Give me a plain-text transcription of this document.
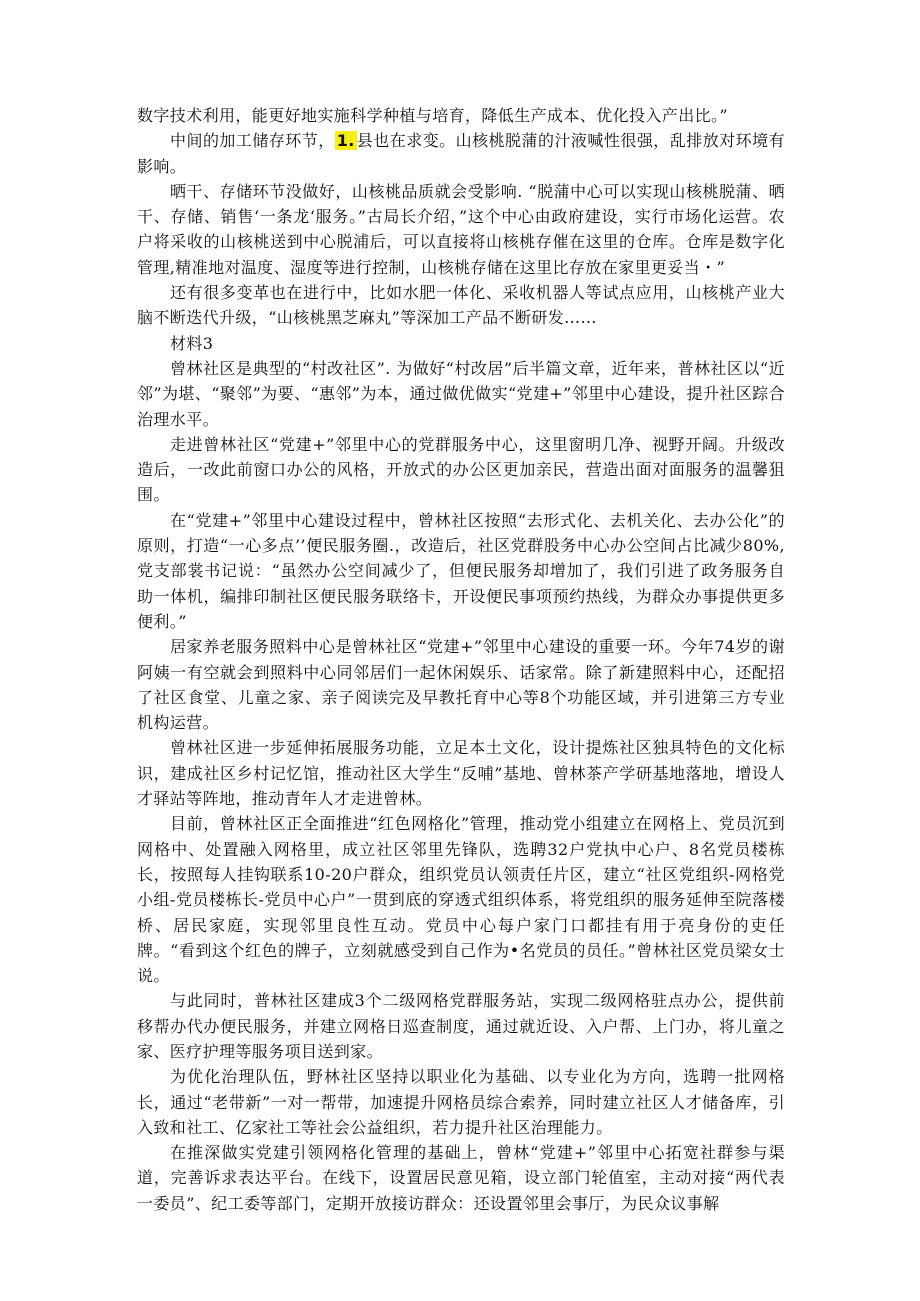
数字技术利用，能更好地实施科学种植与培育，降低生产成本、优化投入产出比。”

中间的加工储存环节， 1. 县也在求变。山核桃脱蒲的汁液喊性很强，乱排放对环境有影响。

晒干、存储环节没做好，山核桃品质就会受影响. “脱蒲中心可以实现山核桃脱蒲、晒干、存储、销售‘一条龙‘服务。”古局长介绍，”这个中心由政府建设，实行市场化运营。农户将采收的山核桃送到中心脱浦后，可以直接将山核桃存催在这里的仓库。仓库是数字化管理,精准地对温度、湿度等进行控制，山核桃存储在这里比存放在家里更妥当・”

还有很多变革也在进行中，比如水肥一体化、采收机器人等试点应用，山核桃产业大脑不断迭代升级，“山核桃黑芝麻丸”等深加工产品不断研发……

材料3

曾林社区是典型的“村改社区”. 为做好“村改居”后半篇文章，近年来，普林社区以“近邻”为堪、“聚邻”为要、“惠邻”为本，通过做优做实“党建+”邻里中心建设，提升社区踪合治理水平。

走进曾林社区“党建+”邻里中心的党群服务中心，这里窗明几净、视野开阔。升级改造后，一改此前窗口办公的风格，开放式的办公区更加亲民，营造出面对面服务的温馨狙围。

在“党建+”邻里中心建设过程中，曾林社区按照“去形式化、去机关化、去办公化”的原则，打造“一心多点’’便民服务圈.，改造后，社区党群股务中心办公空间占比减少80%, 党支部裳书记说：“虽然办公空间减少了，但便民服务却增加了，我们引进了政务服务自助一体机，编排印制社区便民服务联络卡，开设便民事项预约热线，为群众办事提供更多便利。”

居家养老服务照料中心是曾林社区“党建+”邻里中心建设的重要一环。今年74岁的谢阿姨一有空就会到照料中心同邻居们一起休闲娱乐、话家常。除了新建照料中心，还配招了社区食堂、儿童之家、亲子阅读完及早教托育中心等8个功能区域，并引进第三方专业机构运营。

曾林社区进一步延伸拓展服务功能，立足本土文化，设计提炼社区独具特色的文化标识，建成社区乡村记忆馆，推动社区大学生“反哺”基地、曾林茶产学研基地落地，增设人才驿站等阵地，推动青年人才走进曾林。

目前，曾林社区正全面推进“红色网格化”管理，推动党小组建立在网格上、党员沉到网格中、处置融入网格里，成立社区邻里先锋队，选聘32户党执中心户、8名党员楼栋长，按照每人挂钩联系10-20户群众，组织党员认领责任片区，建立“社区党组织-网格党小组-党员楼栋长-党员中心户”一贯到底的穿透式组织体系，将党组织的服务延伸至院落楼桥、居民家庭，实现邻里良性互动。党员中心每户家门口都挂有用于亮身份的吏任牌。“看到这个红色的牌子，立刻就感受到自己作为•名党员的员任。”曾林社区党员梁女士说。

与此同时，普林社区建成3个二级网格党群服务站，实现二级网格驻点办公，提供前移帮办代办便民服务，并建立网格日巡查制度，通过就近设、入户帮、上门办，将儿童之家、医疗护理等服务项目送到家。

为优化治理队伍，野林社区坚持以职业化为基础、以专业化为方向，选聘一批网格长，通过“老带新”一对一帮带，加速提升网格员综合索养，同时建立社区人才储备库，引入致和社工、亿家社工等社会公益组织，若力提升社区治理能力。

在推深做实党建引领网格化管理的基础上，曾林“党建+”邻里中心拓宽社群参与渠道，完善诉求表达平台。在线下，设置居民意见箱，设立部门轮值室，主动对接“两代表一委员”、纪工委等部门，定期开放接访群众：还设置邻里会事厅，为民众议事解
